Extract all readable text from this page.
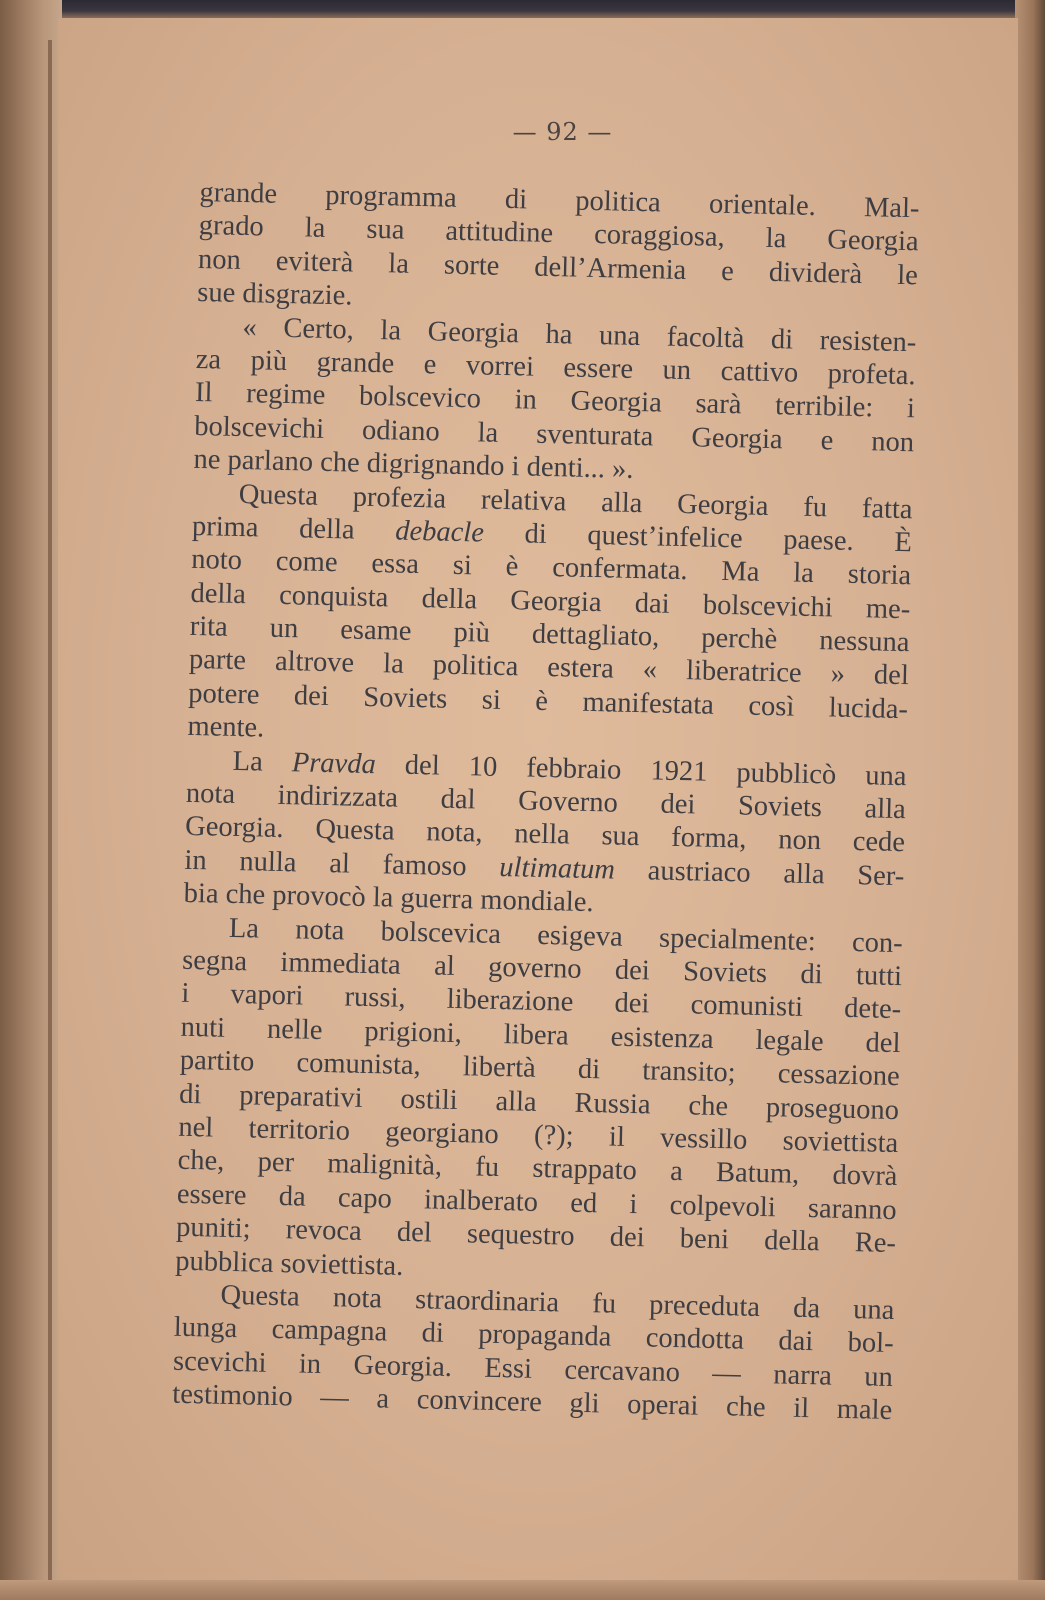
— 92 —
grande programma di politica orientale. Mal-
grado la sua attitudine coraggiosa, la Georgia
non eviterà la sorte dell’Armenia e dividerà le
sue disgrazie.
« Certo, la Georgia ha una facoltà di resisten-
za più grande e vorrei essere un cattivo profeta.
Il regime bolscevico in Georgia sarà terribile: i
bolscevichi odiano la sventurata Georgia e non
ne parlano che digrignando i denti... ».
Questa profezia relativa alla Georgia fu fatta
prima della debacle di quest’infelice paese. È
noto come essa si è confermata. Ma la storia
della conquista della Georgia dai bolscevichi me-
rita un esame più dettagliato, perchè nessuna
parte altrove la politica estera « liberatrice » del
potere dei Soviets si è manifestata così lucida-
mente.
La Pravda del 10 febbraio 1921 pubblicò una
nota indirizzata dal Governo dei Soviets alla
Georgia. Questa nota, nella sua forma, non cede
in nulla al famoso ultimatum austriaco alla Ser-
bia che provocò la guerra mondiale.
La nota bolscevica esigeva specialmente: con-
segna immediata al governo dei Soviets di tutti
i vapori russi, liberazione dei comunisti dete-
nuti nelle prigioni, libera esistenza legale del
partito comunista, libertà di transito; cessazione
di preparativi ostili alla Russia che proseguono
nel territorio georgiano (?); il vessillo soviettista
che, per malignità, fu strappato a Batum, dovrà
essere da capo inalberato ed i colpevoli saranno
puniti; revoca del sequestro dei beni della Re-
pubblica soviettista.
Questa nota straordinaria fu preceduta da una
lunga campagna di propaganda condotta dai bol-
scevichi in Georgia. Essi cercavano — narra un
testimonio — a convincere gli operai che il male
